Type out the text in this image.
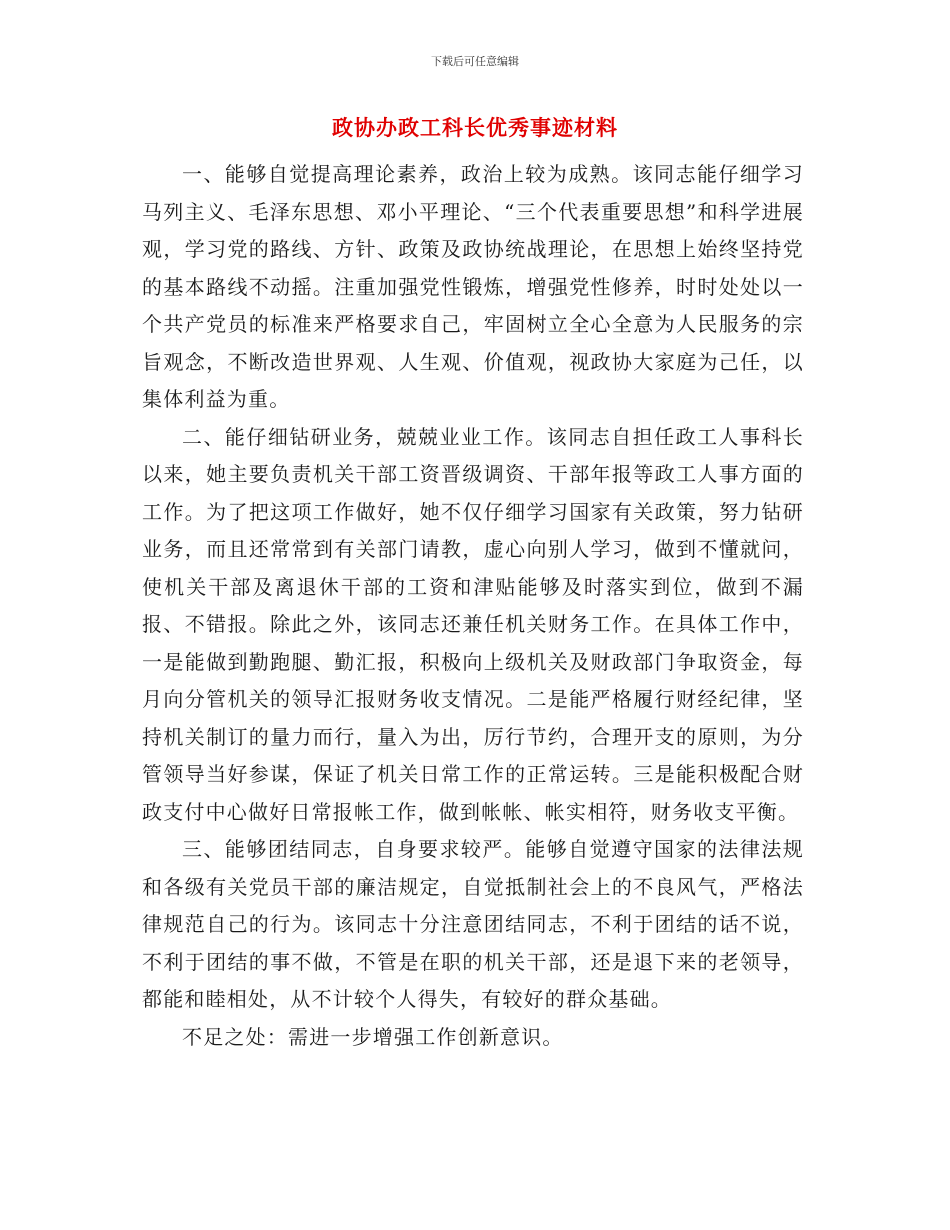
下载后可任意编辑
政协办政工科长优秀事迹材料

一、能够自觉提高理论素养，政治上较为成熟。该同志能仔细学习马列主义、毛泽东思想、邓小平理论、“三个代表重要思想”和科学进展观，学习党的路线、方针、政策及政协统战理论，在思想上始终坚持党的基本路线不动摇。注重加强党性锻炼，增强党性修养，时时处处以一个共产党员的标准来严格要求自己，牢固树立全心全意为人民服务的宗旨观念，不断改造世界观、人生观、价值观，视政协大家庭为己任，以集体利益为重。

二、能仔细钻研业务，兢兢业业工作。该同志自担任政工人事科长以来，她主要负责机关干部工资晋级调资、干部年报等政工人事方面的工作。为了把这项工作做好，她不仅仔细学习国家有关政策，努力钻研业务，而且还常常到有关部门请教，虚心向别人学习，做到不懂就问，使机关干部及离退休干部的工资和津贴能够及时落实到位，做到不漏报、不错报。除此之外，该同志还兼任机关财务工作。在具体工作中，一是能做到勤跑腿、勤汇报，积极向上级机关及财政部门争取资金，每月向分管机关的领导汇报财务收支情况。二是能严格履行财经纪律，坚持机关制订的量力而行，量入为出，厉行节约，合理开支的原则，为分管领导当好参谋，保证了机关日常工作的正常运转。三是能积极配合财政支付中心做好日常报帐工作，做到帐帐、帐实相符，财务收支平衡。

三、能够团结同志，自身要求较严。能够自觉遵守国家的法律法规和各级有关党员干部的廉洁规定，自觉抵制社会上的不良风气，严格法律规范自己的行为。该同志十分注意团结同志，不利于团结的话不说，不利于团结的事不做，不管是在职的机关干部，还是退下来的老领导，都能和睦相处，从不计较个人得失，有较好的群众基础。

不足之处：需进一步增强工作创新意识。
